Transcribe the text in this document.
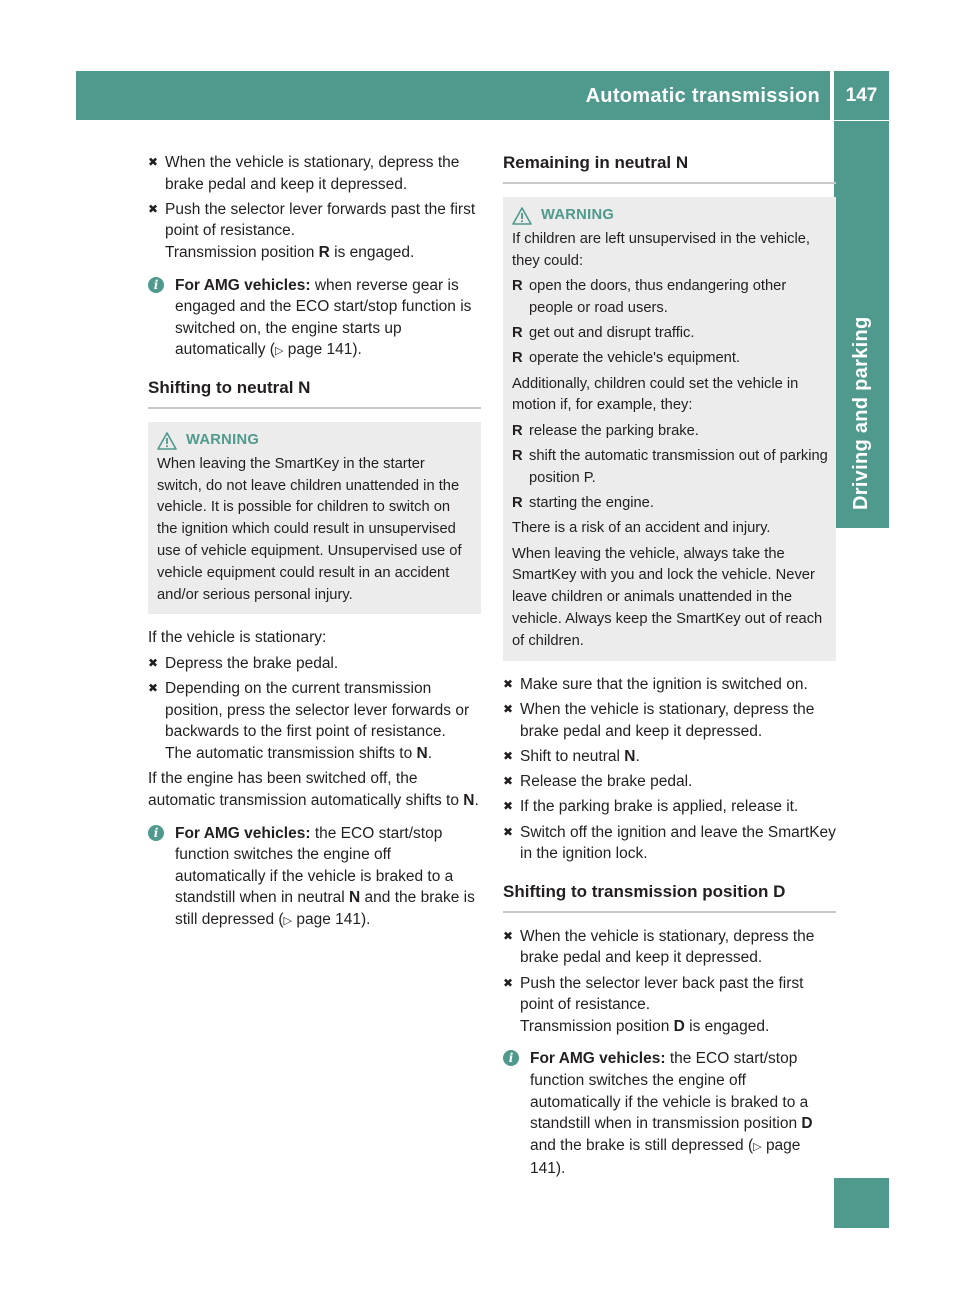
Automatic transmission	147
Driving and parking
✖ When the vehicle is stationary, depress the brake pedal and keep it depressed.
✖ Push the selector lever forwards past the first point of resistance.
Transmission position R is engaged.
i	For AMG vehicles: when reverse gear is engaged and the ECO start/stop function is switched on, the engine starts up automatically (▷ page 141).
Shifting to neutral N
WARNING
When leaving the SmartKey in the starter switch, do not leave children unattended in the vehicle. It is possible for children to switch on the ignition which could result in unsupervised use of vehicle equipment. Unsupervised use of vehicle equipment could result in an accident and/or serious personal injury.
If the vehicle is stationary:
✖ Depress the brake pedal.
✖ Depending on the current transmission position, press the selector lever forwards or backwards to the first point of resistance.
The automatic transmission shifts to N.
If the engine has been switched off, the automatic transmission automatically shifts to N.
i	For AMG vehicles: the ECO start/stop function switches the engine off automatically if the vehicle is braked to a standstill when in neutral N and the brake is still depressed (▷ page 141).
Remaining in neutral N
WARNING
If children are left unsupervised in the vehicle, they could:
R open the doors, thus endangering other people or road users.
R get out and disrupt traffic.
R operate the vehicle's equipment.
Additionally, children could set the vehicle in motion if, for example, they:
R release the parking brake.
R shift the automatic transmission out of parking position P.
R starting the engine.
There is a risk of an accident and injury.
When leaving the vehicle, always take the SmartKey with you and lock the vehicle. Never leave children or animals unattended in the vehicle. Always keep the SmartKey out of reach of children.
✖ Make sure that the ignition is switched on.
✖ When the vehicle is stationary, depress the brake pedal and keep it depressed.
✖ Shift to neutral N.
✖ Release the brake pedal.
✖ If the parking brake is applied, release it.
✖ Switch off the ignition and leave the SmartKey in the ignition lock.
Shifting to transmission position D
✖ When the vehicle is stationary, depress the brake pedal and keep it depressed.
✖ Push the selector lever back past the first point of resistance.
Transmission position D is engaged.
i	For AMG vehicles: the ECO start/stop function switches the engine off automatically if the vehicle is braked to a standstill when in transmission position D and the brake is still depressed (▷ page 141).
